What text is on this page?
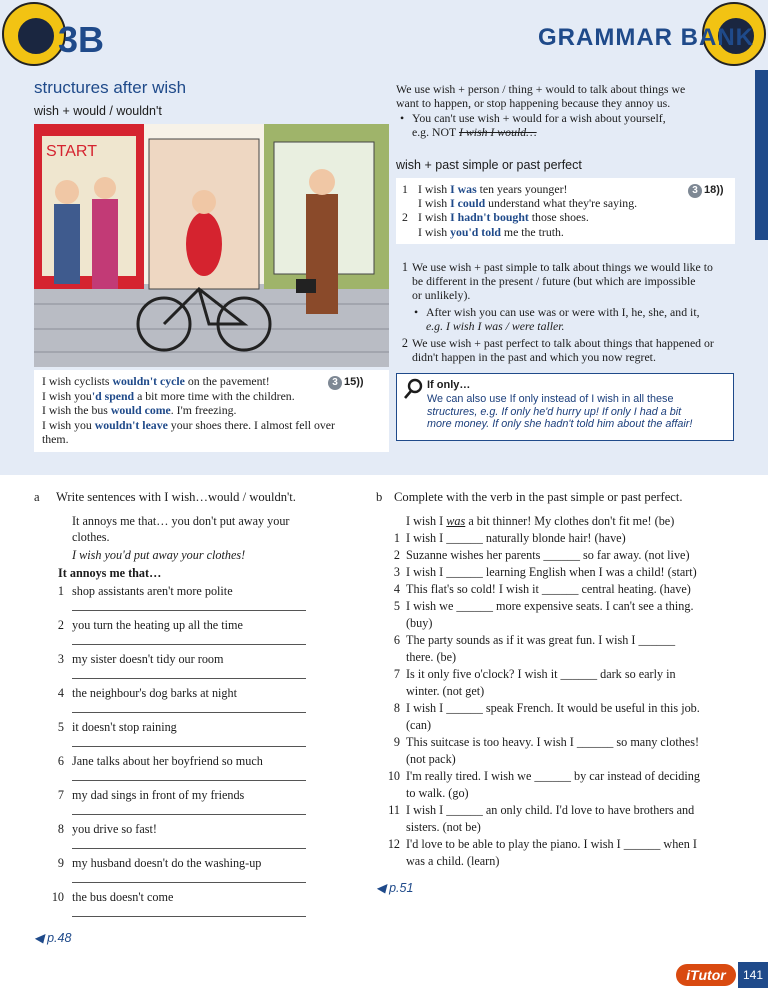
3B	GRAMMAR BANK
structures after wish
wish + would / wouldn't
START
I wish cyclists wouldn't cycle on the pavement!
I wish you'd spend a bit more time with the children.
I wish the bus would come. I'm freezing.
I wish you wouldn't leave your shoes there. I almost fell over
them.
3 15))
We use wish + person / thing + would to talk about things we
want to happen, or stop happening because they annoy us.
• You can't use wish + would for a wish about yourself,
e.g. NOT I wish I would…
wish + past simple or past perfect
1 I wish I was ten years younger!
I wish I could understand what they're saying.
2 I wish I hadn't bought those shoes.
I wish you'd told me the truth.
3 18))
1 We use wish + past simple to talk about things we would like to
be different in the present / future (but which are impossible
or unlikely).
• After wish you can use was or were with I, he, she, and it,
e.g. I wish I was / were taller.
2 We use wish + past perfect to talk about things that happened or
didn't happen in the past and which you now regret.
If only…
We can also use If only instead of I wish in all these
structures, e.g. If only he'd hurry up! If only I had a bit
more money. If only she hadn't told him about the affair!
a Write sentences with I wish…would / wouldn't.
It annoys me that… you don't put away your
clothes.
I wish you'd put away your clothes!
It annoys me that…
1 shop assistants aren't more polite
2 you turn the heating up all the time
3 my sister doesn't tidy our room
4 the neighbour's dog barks at night
5 it doesn't stop raining
6 Jane talks about her boyfriend so much
7 my dad sings in front of my friends
8 you drive so fast!
9 my husband doesn't do the washing-up
10 the bus doesn't come
◀ p.48
b Complete with the verb in the past simple or past perfect.
I wish I was a bit thinner! My clothes don't fit me! (be)
1 I wish I ______ naturally blonde hair! (have)
2 Suzanne wishes her parents ______ so far away. (not live)
3 I wish I ______ learning English when I was a child! (start)
4 This flat's so cold! I wish it ______ central heating. (have)
5 I wish we ______ more expensive seats. I can't see a thing.
(buy)
6 The party sounds as if it was great fun. I wish I ______
there. (be)
7 Is it only five o'clock? I wish it ______ dark so early in
winter. (not get)
8 I wish I ______ speak French. It would be useful in this job.
(can)
9 This suitcase is too heavy. I wish I ______ so many clothes!
(not pack)
10 I'm really tired. I wish we ______ by car instead of deciding
to walk. (go)
11 I wish I ______ an only child. I'd love to have brothers and
sisters. (not be)
12 I'd love to be able to play the piano. I wish I ______ when I
was a child. (learn)
◀ p.51
iTutor	141
